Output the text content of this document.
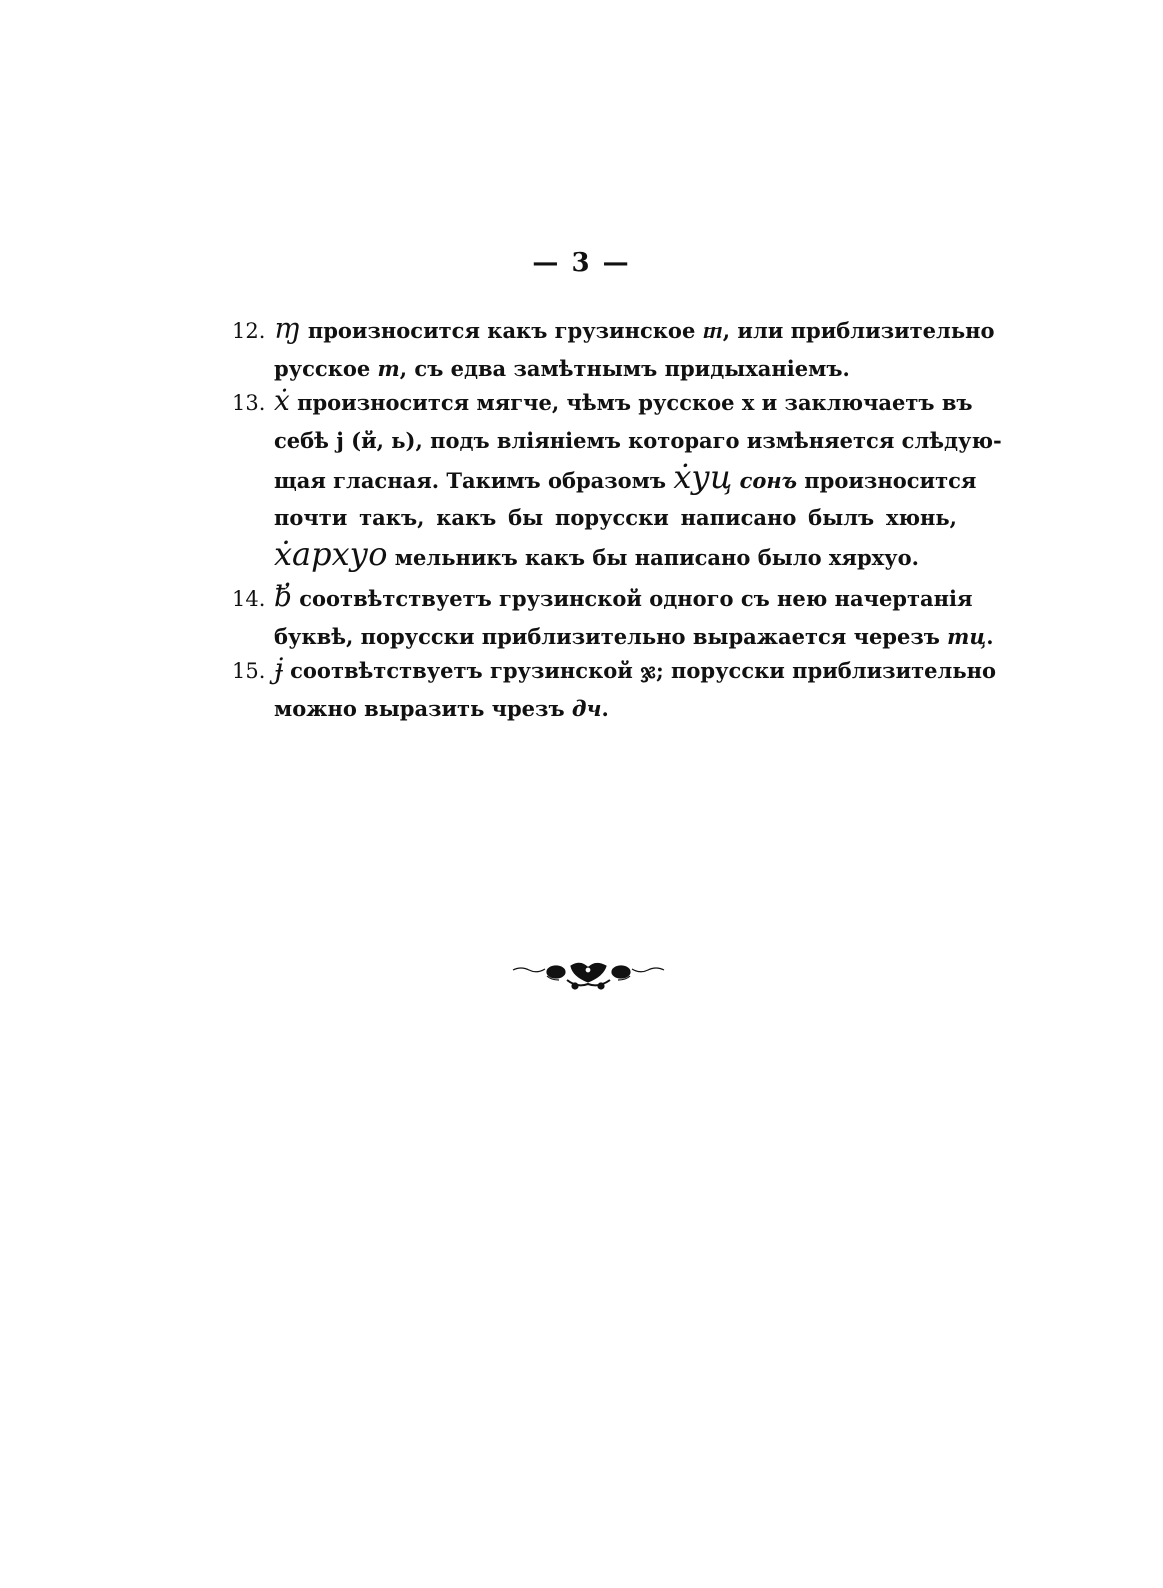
— 3 —
12. ɱ произносится какъ грузинское ⴇ, или приблизительно
русское т, съ едва замѣтнымъ придыханіемъ.
13. ẋ произносится мягче, чѣмъ русское х и заключаетъ въ
себѣ j (й, ь), подъ вліяніемъ котораго измѣняется слѣдую-
щая гласная. Такимъ образомъ ẋуц сонъ произносится
почти такъ, какъ бы порусски написано былъ хюнь,
ẋарxуо мельникъ какъ бы написано было хярхуо.
14. ƀ̓ соотвѣтствуетъ грузинской одного съ нею начертанія
буквѣ, порусски приблизительно выражается черезъ тц.
15. ɉ соотвѣтствуетъ грузинской ჯ; порусски приблизительно
можно выразить чрезъ дч.
